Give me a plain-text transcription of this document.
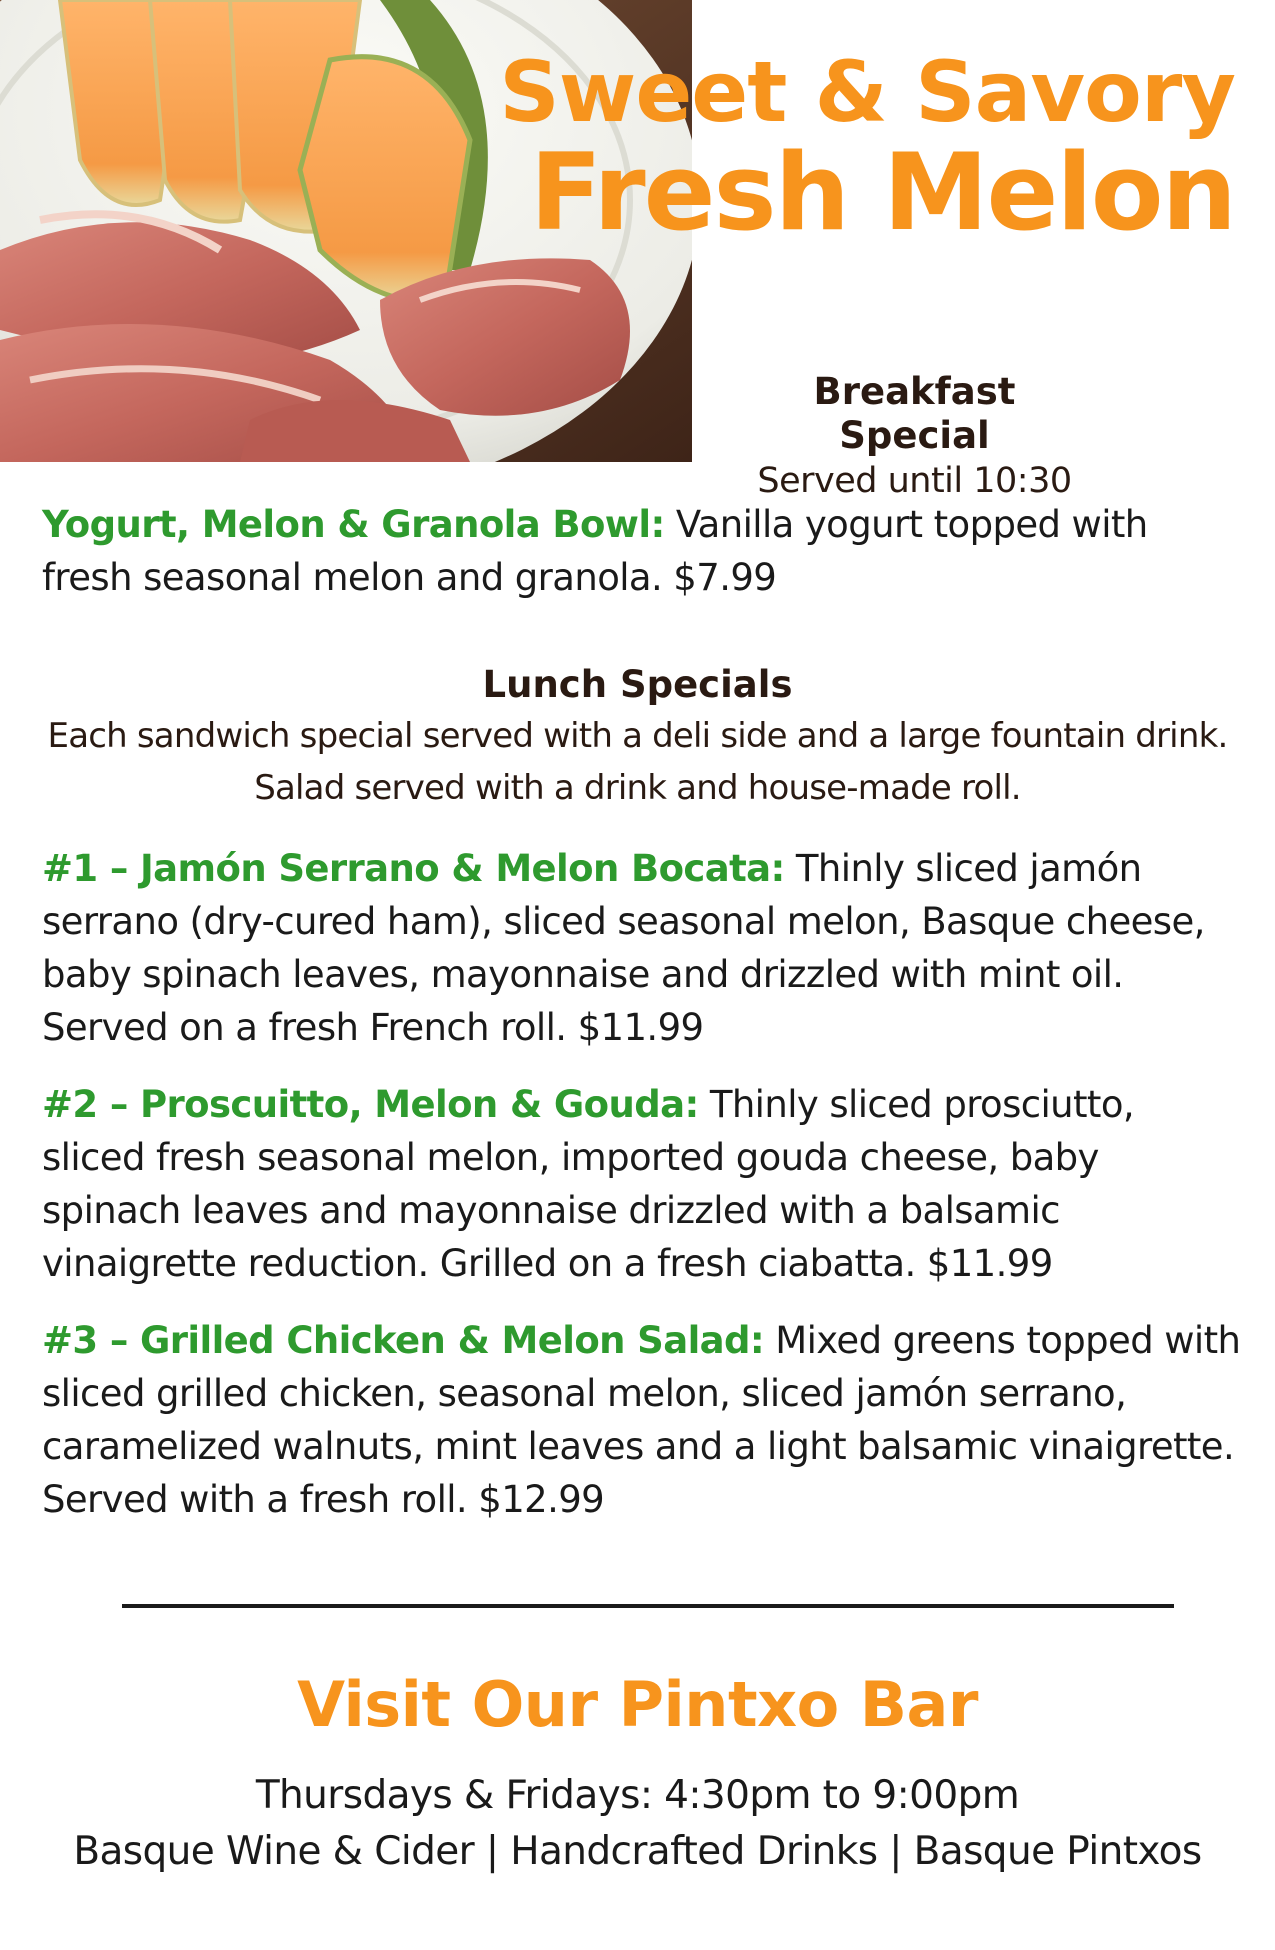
Sweet & Savory
Fresh Melon
Breakfast Special
Served until 10:30

Yogurt, Melon & Granola Bowl: Vanilla yogurt topped with fresh seasonal melon and granola. $7.99

Lunch Specials
Each sandwich special served with a deli side and a large fountain drink.
Salad served with a drink and house-made roll.

#1 – Jamón Serrano & Melon Bocata: Thinly sliced jamón serrano (dry-cured ham), sliced seasonal melon, Basque cheese, baby spinach leaves, mayonnaise and drizzled with mint oil. Served on a fresh French roll. $11.99

#2 – Proscuitto, Melon & Gouda: Thinly sliced prosciutto, sliced fresh seasonal melon, imported gouda cheese, baby spinach leaves and mayonnaise drizzled with a balsamic vinaigrette reduction. Grilled on a fresh ciabatta. $11.99

#3 – Grilled Chicken & Melon Salad: Mixed greens topped with sliced grilled chicken, seasonal melon, sliced jamón serrano, caramelized walnuts, mint leaves and a light balsamic vinaigrette. Served with a fresh roll. $12.99

Visit Our Pintxo Bar
Thursdays & Fridays: 4:30pm to 9:00pm
Basque Wine & Cider | Handcrafted Drinks | Basque Pintxos
